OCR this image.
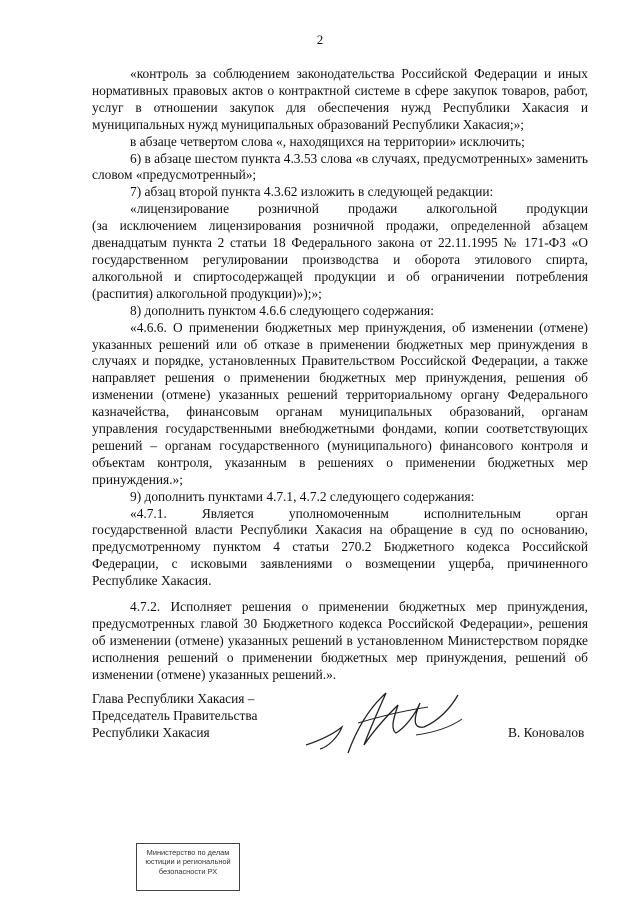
2

«контроль за соблюдением законодательства Российской Федерации и иных нормативных правовых актов о контрактной системе в сфере закупок товаров, работ, услуг в отношении закупок для обеспечения нужд Республики Хакасия и муниципальных нужд муниципальных образований Республики Хакасия;»;

в абзаце четвертом слова «, находящихся на территории» исключить;

6) в абзаце шестом пункта 4.3.53 слова «в случаях, предусмотренных» заменить словом «предусмотренный»;

7) абзац второй пункта 4.3.62 изложить в следующей редакции:

«лицензирование розничной продажи алкогольной продукции

(за исключением лицензирования розничной продажи, определенной абзацем двенадцатым пункта 2 статьи 18 Федерального закона от 22.11.1995 № 171-ФЗ «О государственном регулировании производства и оборота этилового спирта, алкогольной и спиртосодержащей продукции и об ограничении потребления (распития) алкогольной продукции)»);»;

8) дополнить пунктом 4.6.6 следующего содержания:

«4.6.6. О применении бюджетных мер принуждения, об изменении (отмене) указанных решений или об отказе в применении бюджетных мер принуждения в случаях и порядке, установленных Правительством Российской Федерации, а также направляет решения о применении бюджетных мер принуждения, решения об изменении (отмене) указанных решений территориальному органу Федерального казначейства, финансовым органам муниципальных образований, органам управления государственными внебюджетными фондами, копии соответствующих решений – органам государственного (муниципального) финансового контроля и объектам контроля, указанным в решениях о применении бюджетных мер принуждения.»;

9) дополнить пунктами 4.7.1, 4.7.2 следующего содержания:

«4.7.1.	Является	уполномоченным	исполнительным	орган

государственной власти Республики Хакасия на обращение в суд по основанию, предусмотренному пунктом 4 статьи 270.2 Бюджетного кодекса Российской Федерации, с исковыми заявлениями о возмещении ущерба, причиненного Республике Хакасия.

4.7.2. Исполняет решения о применении бюджетных мер принуждения, предусмотренных главой 30 Бюджетного кодекса Российской Федерации», решения об изменении (отмене) указанных решений в установленном Министерством порядке исполнения решений о применении бюджетных мер принуждения, решений об изменении (отмене) указанных решений.».

Глава Республики Хакасия –
Председатель Правительства
Республики Хакасия	В. Коновалов
Министерство по делам
юстиции и региональной
безопасности РХ
